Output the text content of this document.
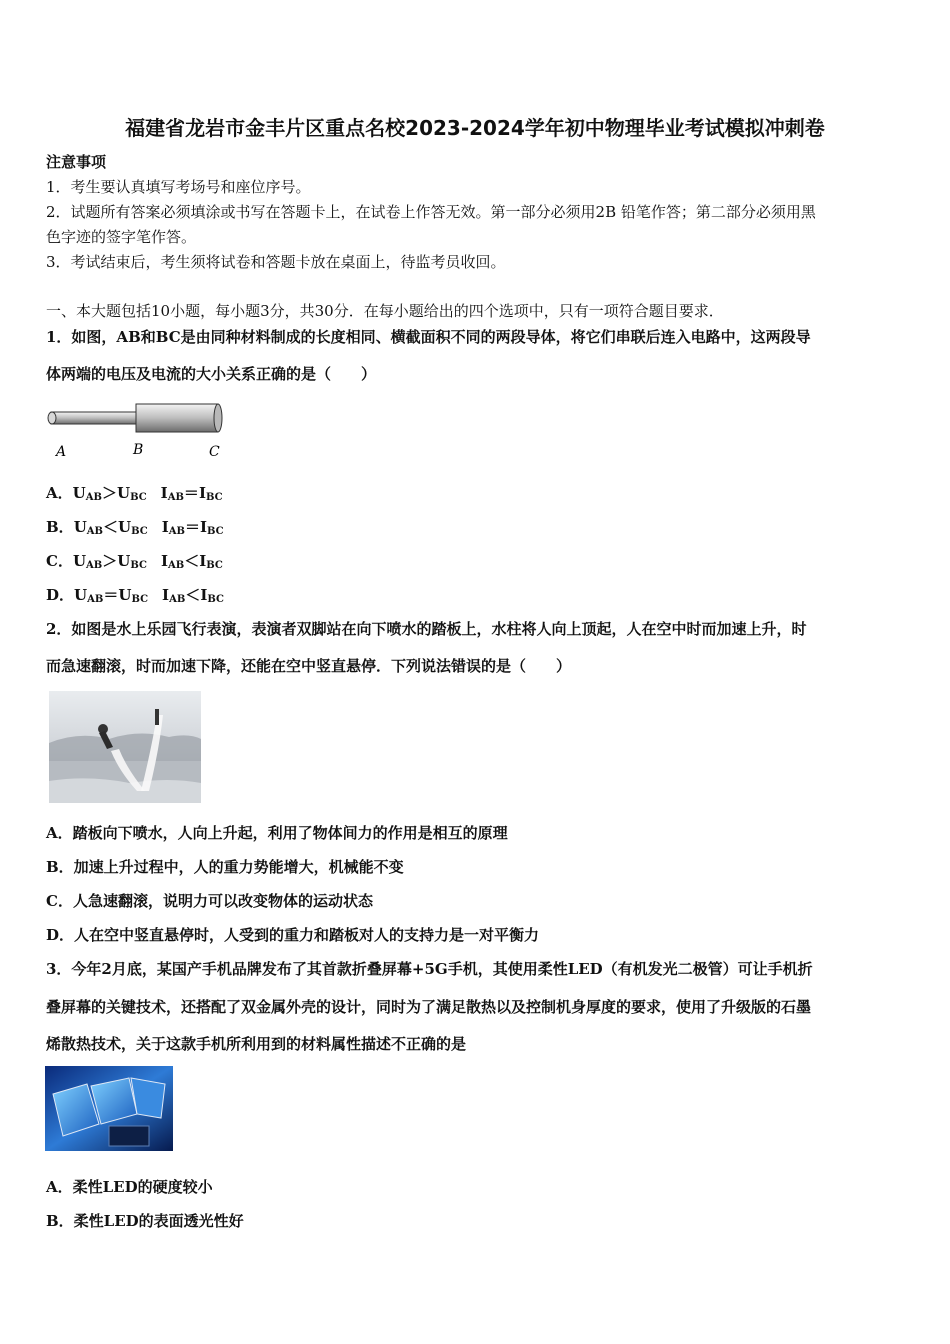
福建省龙岩市金丰片区重点名校2023-2024学年初中物理毕业考试模拟冲刺卷
注意事项
1．考生要认真填写考场号和座位序号。
2．试题所有答案必须填涂或书写在答题卡上，在试卷上作答无效。第一部分必须用2B 铅笔作答；第二部分必须用黑
色字迹的签字笔作答。
3．考试结束后，考生须将试卷和答题卡放在桌面上，待监考员收回。
一、本大题包括10小题，每小题3分，共30分．在每小题给出的四个选项中，只有一项符合题目要求．
1．如图，AB和BC是由同种材料制成的长度相同、横截面积不同的两段导体，将它们串联后连入电路中，这两段导
体两端的电压及电流的大小关系正确的是（　　）
A	B	C
A．$U_{AB}>U_{BC}$ $I_{AB}=I_{BC}$
B．$U_{AB}<U_{BC}$ $I_{AB}=I_{BC}$
C．$U_{AB}>U_{BC}$ $I_{AB}<I_{BC}$
D．$U_{AB}=U_{BC}$ $I_{AB}<I_{BC}$
2．如图是水上乐园飞行表演，表演者双脚站在向下喷水的踏板上，水柱将人向上顶起，人在空中时而加速上升，时
而急速翻滚，时而加速下降，还能在空中竖直悬停．下列说法错误的是（　　）
A．踏板向下喷水，人向上升起，利用了物体间力的作用是相互的原理
B．加速上升过程中，人的重力势能增大，机械能不变
C．人急速翻滚，说明力可以改变物体的运动状态
D．人在空中竖直悬停时，人受到的重力和踏板对人的支持力是一对平衡力
3．今年2月底，某国产手机品牌发布了其首款折叠屏幕+5G手机，其使用柔性LED（有机发光二极管）可让手机折
叠屏幕的关键技术，还搭配了双金属外壳的设计，同时为了满足散热以及控制机身厚度的要求，使用了升级版的石墨
烯散热技术，关于这款手机所利用到的材料属性描述不正确的是
A．柔性LED的硬度较小
B．柔性LED的表面透光性好
